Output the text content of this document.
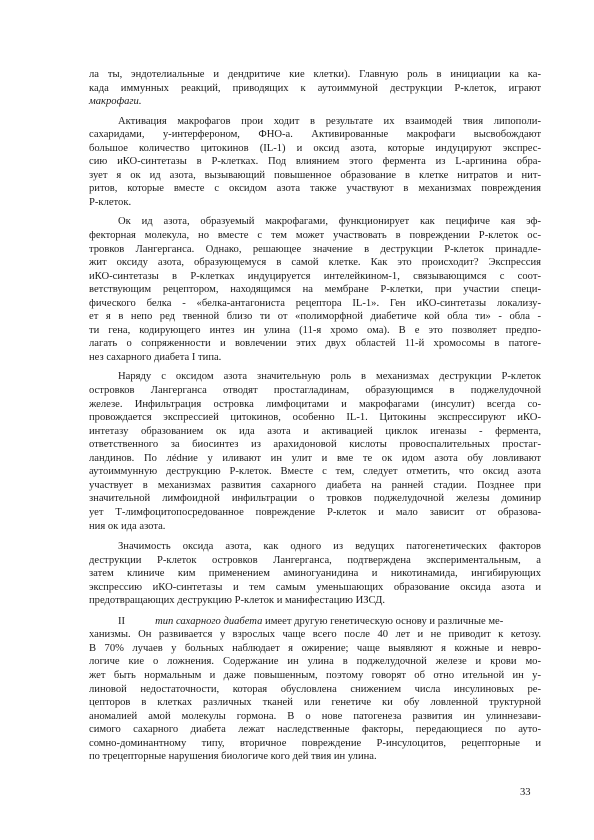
ла ты, эндотелиальные и дендритиче кие клетки). Главную роль в инициации ка ка-
када иммунных реакций, приводящих к аутоиммуной деструкции Р-клеток, играют
макрофаги.
Активация макрофагов прои ходит в результате их взаимодей твия липополи-
сахаридами, у-интерфероном, ФНО-а. Активированные макрофаги высвобождают
большое количество цитокинов (IL-1) и оксид азота, которые индуцируют экспрес-
сию иКО-синтетазы в Р-клетках. Под влиянием этого фермента из L-аргинина обра-
зует я ок ид азота, вызывающий повышенное образование в клетке нитратов и нит-
ритов, которые вместе с оксидом азота также участвуют в механизмах повреждения
Р-клеток.
Ок ид азота, образуемый макрофагами, функционирует как пецифиче кая эф-
фекторная молекула, но вместе с тем может участвовать в повреждении Р-клеток ос-
тровков Лангерганса. Однако, решающее значение в деструкции Р-клеток принадле-
жит оксиду азота, образующемуся в самой клетке. Как это происходит? Экспрессия
иКО-синтетазы в Р-клетках индуцируется интелейкином-1, связывающимся с соот-
ветствующим рецептором, находящимся на мембране Р-клетки, при участии специ-
фического белка - «белка-антагониста рецептора IL-1». Ген иКО-синтетазы локализу-
ет я в непо ред твенной близо ти от «полиморфной диабетиче кой обла ти» - обла -
ти гена, кодирующего интез ин улина (11-я хромо ома). В е это позволяет предпо-
лагать о сопряженности и вовлечении этих двух областей 11-й хромосомы в патоге-
нез сахарного диабета I типа.
Наряду с оксидом азота значительную роль в механизмах деструкции Р-клеток
островков Лангерганса отводят простагладинам, образующимся в поджелудочной
железе. Инфильтрация островка лимфоцитами и макрофагами (инсулит) всегда со-
провождается экспрессией цитокинов, особенно IL-1. Цитокины экспрессируют иКО-
интетазу образованием ок ида азота и активацией циклок игеназы - фермента,
ответственного за биосинтез из арахидоновой кислоты провоспалительных простаг-
ландинов. По лédние у иливают ин улит и вме те ок идом азота обу ловливают
аутоиммунную деструкцию Р-клеток. Вместе с тем, следует отметить, что оксид азота
участвует в механизмах развития сахарного диабета на ранней стадии. Позднее при
значительной лимфоидной инфильтрации о тровков поджелудочной железы доминир
ует Т-лимфоцитопосредованное повреждение Р-клеток и мало зависит от образова-
ния ок ида азота.
Значимость оксида азота, как одного из ведущих патогенетических факторов
деструкции Р-клеток островков Лангерганса, подтверждена экспериментальным, а
затем клиниче ким применением аминогуанидина и никотинамида, ингибирующих
экспрессию иКО-синтетазы и тем самым уменьшающих образование оксида азота и
предотвращающих деструкцию Р-клеток и манифестацию ИЗСД.
II	тип сахарного диабета имеет другую генетическую основу и различные ме-
ханизмы. Он развивается у взрослых чаще всего после 40 лет и не приводит к кетозу.
В 70% лучаев у больных наблюдает я ожирение; чаще выявляют я кожные и невро-
логиче кие о ложнения. Содержание ин улина в поджелудочной железе и крови мо-
жет быть нормальным и даже повышенным, поэтому говорят об отно ительной ин у-
линовой недостаточности, которая обусловлена снижением числа инсулиновых ре-
цепторов в клетках различных тканей или генетиче ки обу ловленной труктурной
аномалией амой молекулы гормона. В о нове патогенеза развития ин улиннезави-
симого сахарного диабета лежат наследственные факторы, передающиеся по ауто-
сомно-доминантному типу, вторичное повреждение Р-инсулоцитов, рецепторные и
по трецепторные нарушения биологиче кого дей твия ин улина.
33
